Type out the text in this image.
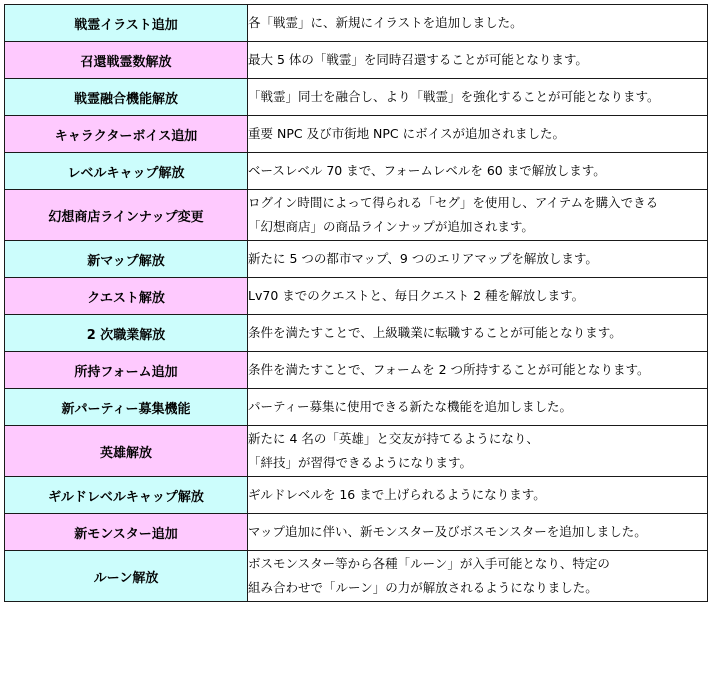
戦霊イラスト追加	各「戦霊」に、新規にイラストを追加しました。

召還戦霊数解放	最大 5 体の「戦霊」を同時召還することが可能となります。

戦霊融合機能解放	「戦霊」同士を融合し、より「戦霊」を強化することが可能となります。

キャラクターボイス追加	重要 NPC 及び市街地 NPC にボイスが追加されました。

レベルキャップ解放	ベースレベル 70 まで、フォームレベルを 60 まで解放します。

幻想商店ラインナップ変更	ログイン時間によって得られる「セグ」を使用し、アイテムを購入できる
「幻想商店」の商品ラインナップが追加されます。

新マップ解放	新たに 5 つの都市マップ、9 つのエリアマップを解放します。

クエスト解放	Lv70 までのクエストと、毎日クエスト 2 種を解放します。

2 次職業解放	条件を満たすことで、上級職業に転職することが可能となります。

所持フォーム追加	条件を満たすことで、フォームを 2 つ所持することが可能となります。

新パーティー募集機能	パーティー募集に使用できる新たな機能を追加しました。

英雄解放	新たに 4 名の「英雄」と交友が持てるようになり、
「絆技」が習得できるようになります。

ギルドレベルキャップ解放	ギルドレベルを 16 まで上げられるようになります。

新モンスター追加	マップ追加に伴い、新モンスター及びボスモンスターを追加しました。

ルーン解放	ボスモンスター等から各種「ルーン」が入手可能となり、特定の
組み合わせで「ルーン」の力が解放されるようになりました。
